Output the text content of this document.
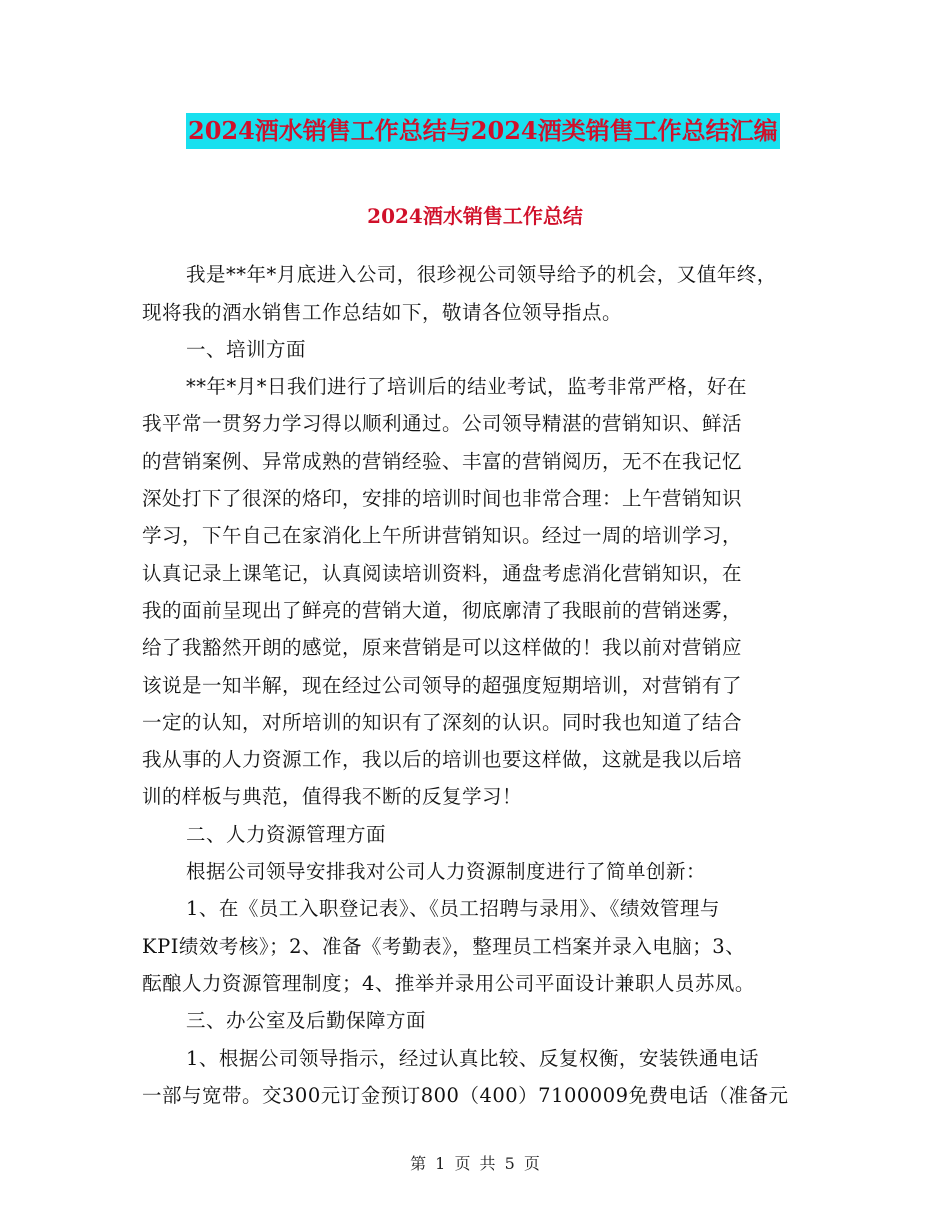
2024酒水销售工作总结与2024酒类销售工作总结汇编
2024酒水销售工作总结
我是**年*月底进入公司，很珍视公司领导给予的机会，又值年终，
现将我的酒水销售工作总结如下，敬请各位领导指点。
一、培训方面
**年*月*日我们进行了培训后的结业考试，监考非常严格，好在
我平常一贯努力学习得以顺利通过。公司领导精湛的营销知识、鲜活
的营销案例、异常成熟的营销经验、丰富的营销阅历，无不在我记忆
深处打下了很深的烙印，安排的培训时间也非常合理：上午营销知识
学习，下午自己在家消化上午所讲营销知识。经过一周的培训学习，
认真记录上课笔记，认真阅读培训资料，通盘考虑消化营销知识，在
我的面前呈现出了鲜亮的营销大道，彻底廓清了我眼前的营销迷雾，
给了我豁然开朗的感觉，原来营销是可以这样做的！我以前对营销应
该说是一知半解，现在经过公司领导的超强度短期培训，对营销有了
一定的认知，对所培训的知识有了深刻的认识。同时我也知道了结合
我从事的人力资源工作，我以后的培训也要这样做，这就是我以后培
训的样板与典范，值得我不断的反复学习！
二、人力资源管理方面
根据公司领导安排我对公司人力资源制度进行了简单创新：
1、在《员工入职登记表》、《员工招聘与录用》、《绩效管理与
KPI绩效考核》；2、准备《考勤表》，整理员工档案并录入电脑；3、
酝酿人力资源管理制度；4、推举并录用公司平面设计兼职人员苏凤。
三、办公室及后勤保障方面
1、根据公司领导指示，经过认真比较、反复权衡，安装铁通电话
一部与宽带。交300元订金预订800（400）7100009免费电话（准备元
第 1 页 共 5 页
